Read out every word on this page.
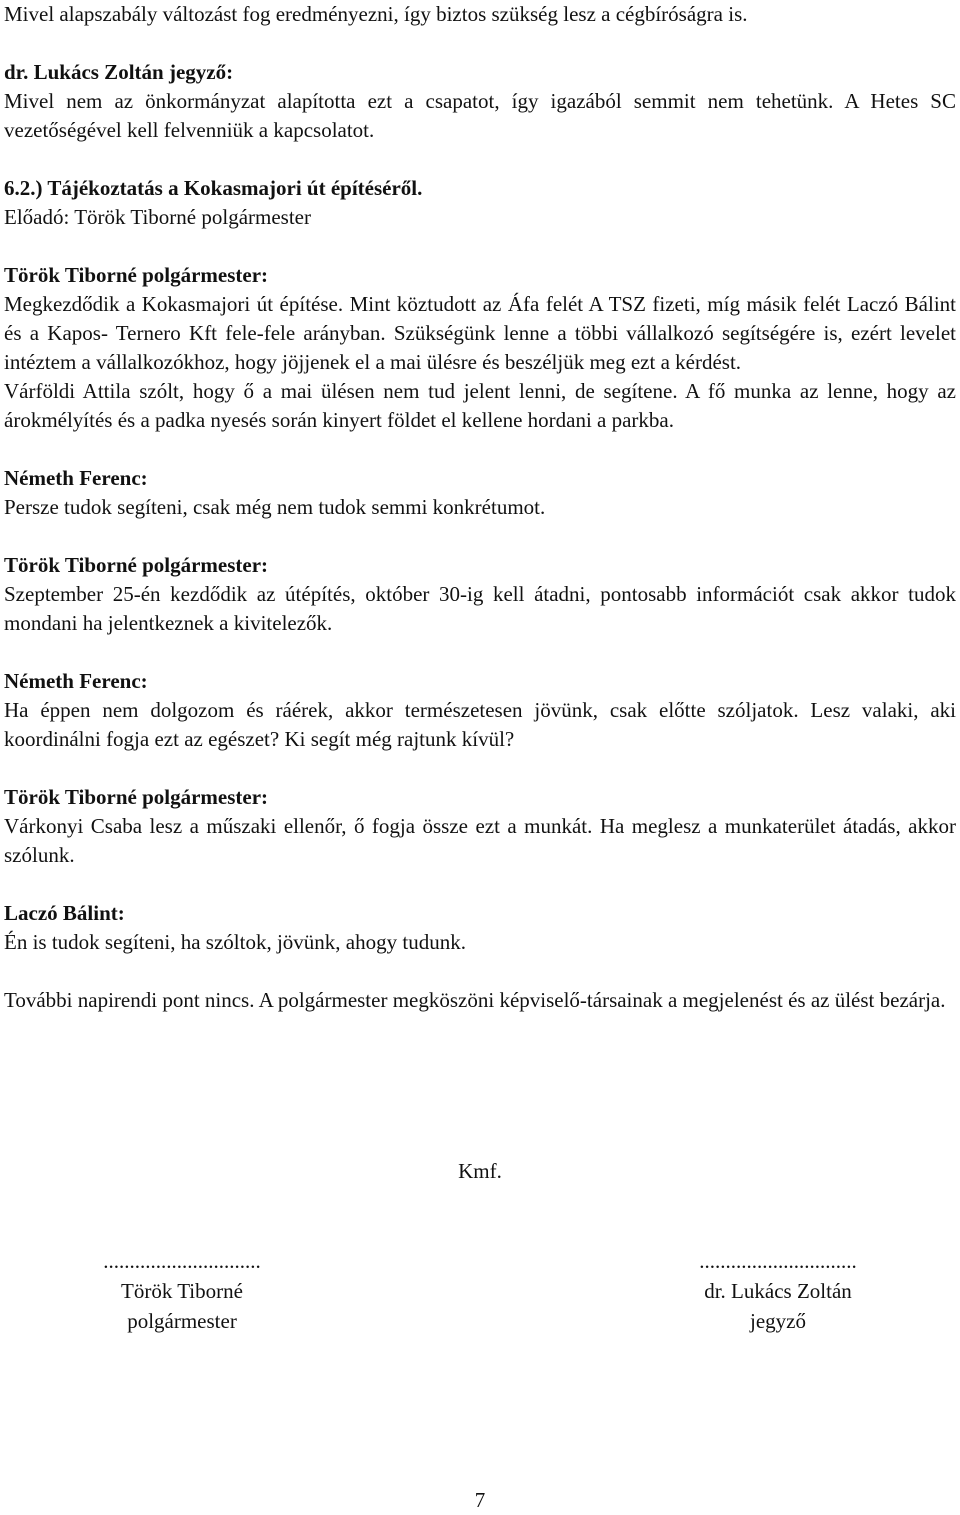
Mivel alapszabály változást fog eredményezni, így biztos szükség lesz a cégbíróságra is.

dr. Lukács Zoltán jegyző:

Mivel nem az önkormányzat alapította ezt a csapatot, így igazából semmit nem tehetünk. A Hetes SC vezetőségével kell felvenniük a kapcsolatot.

6.2.) Tájékoztatás a Kokasmajori út építéséről.

Előadó: Török Tiborné polgármester

Török Tiborné polgármester:

Megkezdődik a Kokasmajori út építése. Mint köztudott az Áfa felét A TSZ fizeti, míg másik felét Laczó Bálint és a Kapos- Ternero Kft fele-fele arányban. Szükségünk lenne a többi vállalkozó segítségére is, ezért levelet intéztem a vállalkozókhoz, hogy jöjjenek el a mai ülésre és beszéljük meg ezt a kérdést.

Várföldi Attila szólt, hogy ő a mai ülésen nem tud jelent lenni, de segítene. A fő munka az lenne, hogy az árokmélyítés és a padka nyesés során kinyert földet el kellene hordani a parkba.

Németh Ferenc:

Persze tudok segíteni, csak még nem tudok semmi konkrétumot.

Török Tiborné polgármester:

Szeptember 25-én kezdődik az útépítés, október 30-ig kell átadni, pontosabb információt csak akkor tudok mondani ha jelentkeznek a kivitelezők.

Németh Ferenc:

Ha éppen nem dolgozom és ráérek, akkor természetesen jövünk, csak előtte szóljatok. Lesz valaki, aki koordinálni fogja ezt az egészet? Ki segít még rajtunk kívül?

Török Tiborné polgármester:

Várkonyi Csaba lesz a műszaki ellenőr, ő fogja össze ezt a munkát. Ha meglesz a munkaterület átadás, akkor szólunk.

Laczó Bálint:

Én is tudok segíteni, ha szóltok, jövünk, ahogy tudunk.

További napirendi pont nincs. A polgármester megköszöni képviselő-társainak a megjelenést és az ülést bezárja.

Kmf.

..............................
Török Tiborné
polgármester
..............................
dr. Lukács Zoltán
jegyző

7
